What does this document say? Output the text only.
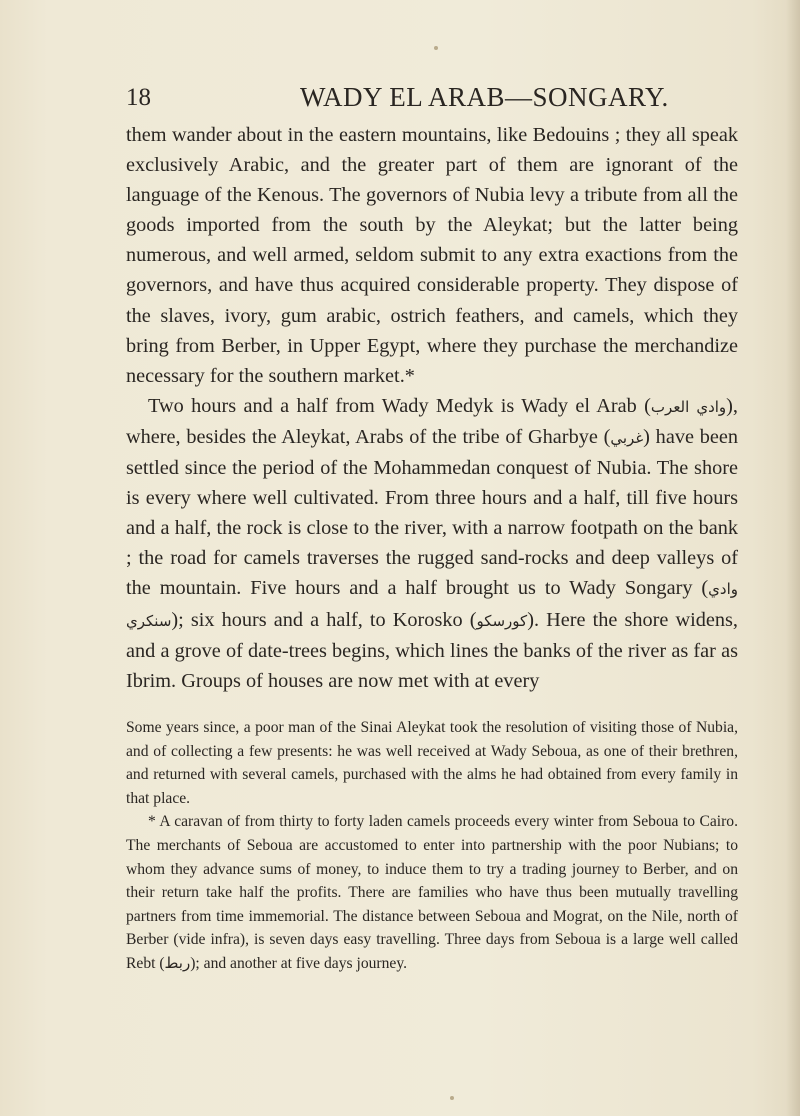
18	WADY EL ARAB—SONGARY.

them wander about in the eastern mountains, like Bedouins ; they all speak exclusively Arabic, and the greater part of them are ignorant of the language of the Kenous. The governors of Nubia levy a tribute from all the goods imported from the south by the Aleykat; but the latter being numerous, and well armed, seldom submit to any extra exactions from the governors, and have thus acquired considerable property. They dispose of the slaves, ivory, gum arabic, ostrich feathers, and camels, which they bring from Berber, in Upper Egypt, where they purchase the merchandize necessary for the southern market.*

Two hours and a half from Wady Medyk is Wady el Arab (وادي العرب), where, besides the Aleykat, Arabs of the tribe of Gharbye (غربي) have been settled since the period of the Mohammedan conquest of Nubia. The shore is every where well cultivated. From three hours and a half, till five hours and a half, the rock is close to the river, with a narrow footpath on the bank ; the road for camels traverses the rugged sand-rocks and deep valleys of the mountain. Five hours and a half brought us to Wady Songary (وادي سنكري); six hours and a half, to Korosko (كورسكو). Here the shore widens, and a grove of date-trees begins, which lines the banks of the river as far as Ibrim. Groups of houses are now met with at every

Some years since, a poor man of the Sinai Aleykat took the resolution of visiting those of Nubia, and of collecting a few presents: he was well received at Wady Seboua, as one of their brethren, and returned with several camels, purchased with the alms he had obtained from every family in that place.

* A caravan of from thirty to forty laden camels proceeds every winter from Seboua to Cairo. The merchants of Seboua are accustomed to enter into partnership with the poor Nubians; to whom they advance sums of money, to induce them to try a trading journey to Berber, and on their return take half the profits. There are families who have thus been mutually travelling partners from time immemorial. The distance between Seboua and Mograt, on the Nile, north of Berber (vide infra), is seven days easy travelling. Three days from Seboua is a large well called Rebt (ربط); and another at five days journey.
